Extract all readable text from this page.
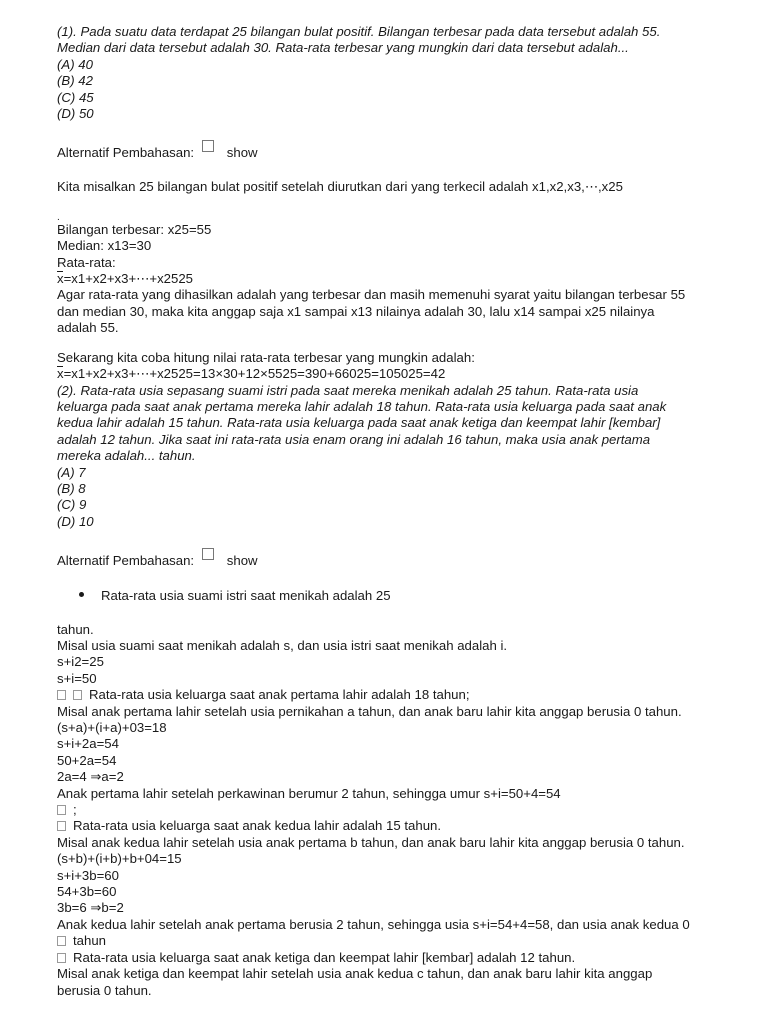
(1). Pada suatu data terdapat 25 bilangan bulat positif. Bilangan terbesar pada data tersebut adalah 55.

Median dari data tersebut adalah 30. Rata-rata terbesar yang mungkin dari data tersebut adalah...

(A) 40

(B) 42

(C) 45

(D) 50

Alternatif Pembahasan: show

Kita misalkan 25 bilangan bulat positif setelah diurutkan dari yang terkecil adalah x1,x2,x3,⋯,x25

.

Bilangan terbesar: x25=55

Median: x13=30

Rata-rata:

x=x1+x2+x3+⋯+x2525

Agar rata-rata yang dihasilkan adalah yang terbesar dan masih memenuhi syarat yaitu bilangan terbesar 55

dan median 30, maka kita anggap saja x1 sampai x13 nilainya adalah 30, lalu x14 sampai x25 nilainya

adalah 55.

Sekarang kita coba hitung nilai rata-rata terbesar yang mungkin adalah:

x=x1+x2+x3+⋯+x2525=13×30+12×5525=390+66025=105025=42

(2). Rata-rata usia sepasang suami istri pada saat mereka menikah adalah 25 tahun. Rata-rata usia

keluarga pada saat anak pertama mereka lahir adalah 18 tahun. Rata-rata usia keluarga pada saat anak

kedua lahir adalah 15 tahun. Rata-rata usia keluarga pada saat anak ketiga dan keempat lahir [kembar]

adalah 12 tahun. Jika saat ini rata-rata usia enam orang ini adalah 16 tahun, maka usia anak pertama

mereka adalah... tahun.

(A) 7

(B) 8

(C) 9

(D) 10

Alternatif Pembahasan: show

Rata-rata usia suami istri saat menikah adalah 25

tahun.

Misal usia suami saat menikah adalah s, dan usia istri saat menikah adalah i.

s+i2=25

s+i=50

Rata-rata usia keluarga saat anak pertama lahir adalah 18 tahun;

Misal anak pertama lahir setelah usia pernikahan a tahun, dan anak baru lahir kita anggap berusia 0 tahun.

(s+a)+(i+a)+03=18

s+i+2a=54

50+2a=54

2a=4 ⇒a=2

Anak pertama lahir setelah perkawinan berumur 2 tahun, sehingga umur s+i=50+4=54

;

Rata-rata usia keluarga saat anak kedua lahir adalah 15 tahun.

Misal anak kedua lahir setelah usia anak pertama b tahun, dan anak baru lahir kita anggap berusia 0 tahun.

(s+b)+(i+b)+b+04=15

s+i+3b=60

54+3b=60

3b=6 ⇒b=2

Anak kedua lahir setelah anak pertama berusia 2 tahun, sehingga usia s+i=54+4=58, dan usia anak kedua 0

tahun

Rata-rata usia keluarga saat anak ketiga dan keempat lahir [kembar] adalah 12 tahun.

Misal anak ketiga dan keempat lahir setelah usia anak kedua c tahun, dan anak baru lahir kita anggap

berusia 0 tahun.
